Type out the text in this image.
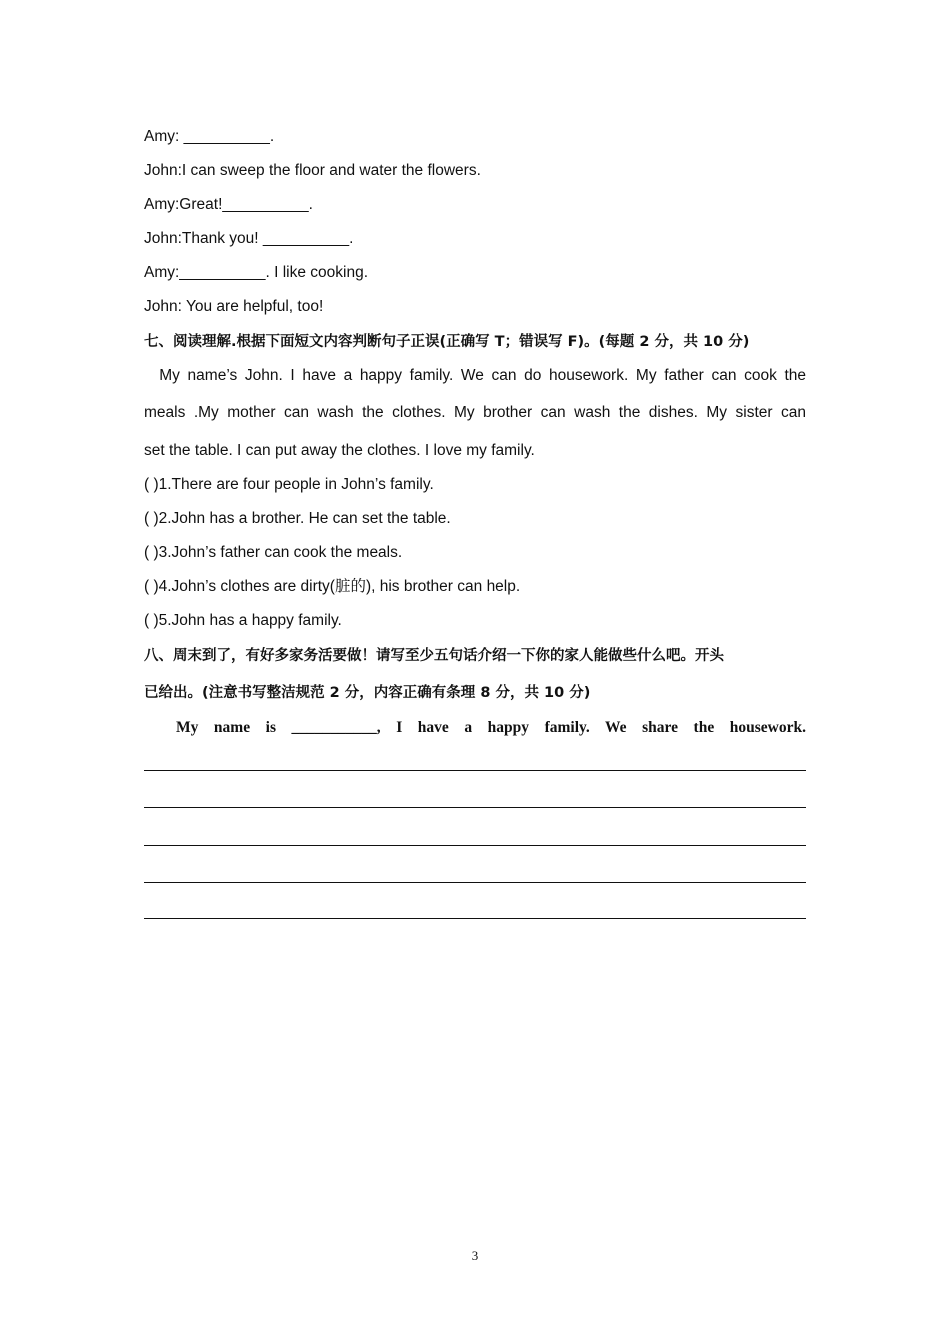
Amy: __________.
John:I can sweep the floor and water the flowers.
Amy:Great!__________.
John:Thank you! __________.
Amy:__________. I like cooking.
John: You are helpful, too!
七、阅读理解.根据下面短文内容判断句子正误(正确写 T；错误写 F)。(每题 2 分，共 10 分)
My name’s John. I have a happy family. We can do housework. My father can cook the
meals .My mother can wash the clothes. My brother can wash the dishes. My sister can
set the table. I can put away the clothes. I love my family.
( )1.There are four people in John’s family.
( )2.John has a brother. He can set the table.
( )3.John’s father can cook the meals.
( )4.John’s clothes are dirty(脏的), his brother can help.
( )5.John has a happy family.
八、周末到了，有好多家务活要做！请写至少五句话介绍一下你的家人能做些什么吧。开头
已给出。(注意书写整洁规范 2 分，内容正确有条理 8 分，共 10 分)
My name is ___________, I have a happy family. We share the housework.
3
